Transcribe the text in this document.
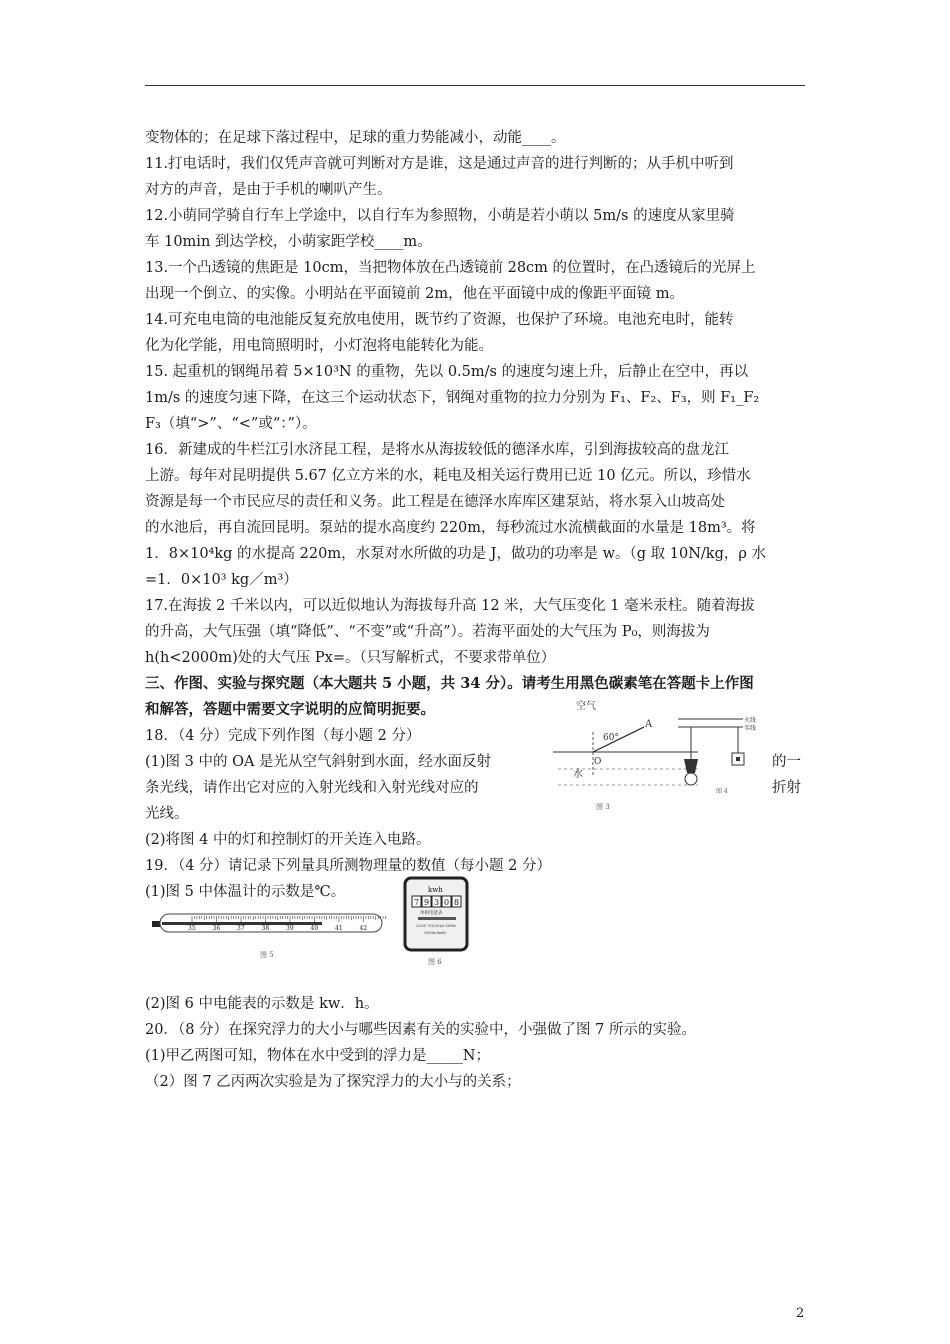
变物体的；在足球下落过程中，足球的重力势能减小，动能____。
11.打电话时，我们仅凭声音就可判断对方是谁，这是通过声音的进行判断的；从手机中听到
对方的声音，是由于手机的喇叭产生。
12.小萌同学骑自行车上学途中，以自行车为参照物，小萌是若小萌以 5m/s 的速度从家里骑
车 10min 到达学校，小萌家距学校____m。
13.一个凸透镜的焦距是 10cm，当把物体放在凸透镜前 28cm 的位置时，在凸透镜后的光屏上
出现一个倒立、的实像。小明站在平面镜前 2m，他在平面镜中成的像距平面镜 m。
14.可充电电筒的电池能反复充放电使用，既节约了资源，也保护了环境。电池充电时，能转
化为化学能，用电筒照明时，小灯泡将电能转化为能。
15. 起重机的钢绳吊着 5×10³N 的重物，先以 0.5m/s 的速度匀速上升，后静止在空中，再以
1m/s 的速度匀速下降，在这三个运动状态下，钢绳对重物的拉力分别为 F₁、F₂、F₃，则 F₁_F₂
F₃（填“>”、“<”或“：”）。
16．新建成的牛栏江引水济昆工程，是将水从海拔较低的德泽水库，引到海拔较高的盘龙江
上游。每年对昆明提供 5.67 亿立方米的水，耗电及相关运行费用已近 10 亿元。所以，珍惜水
资源是每一个市民应尽的责任和义务。此工程是在德泽水库库区建泵站，将水泵入山坡高处
的水池后，再自流回昆明。泵站的提水高度约 220m，每秒流过水流横截面的水量是 18m³。将
1．8×10⁴kg 的水提高 220m，水泵对水所做的功是 J，做功的功率是 w。（g 取 10N/kg，ρ 水
=1．0×10³ kg／m³）
17.在海拔 2 千米以内，可以近似地认为海拔每升高 12 米，大气压变化 1 毫米汞柱。随着海拔
的升高，大气压强（填“降低”、“不变”或“升高”）。若海平面处的大气压为 P₀，则海拔为
h(h<2000m)处的大气压 Px=。（只写解析式，不要求带单位）
三、作图、实验与探究题（本大题共 5 小题，共 34 分）。请考生用黑色碳素笔在答题卡上作图
和解答，答题中需要文字说明的应简明扼要。
18．（4 分）完成下列作图（每小题 2 分）
(1)图 3 中的 OA 是光从空气斜射到水面，经水面反射
条光线，请作出它对应的入射光线和入射光线对应的
光线。
(2)将图 4 中的灯和控制灯的开关连入电路。
19．（4 分）请记录下列量具所测物理量的数值（每小题 2 分）
(1)图 5 中体温计的示数是℃。
(2)图 6 中电能表的示数是 kw．h。
20．（8 分）在探究浮力的大小与哪些因素有关的实验中，小强做了图 7 所示的实验。
(1)甲乙两图可知，物体在水中受到的浮力是_____N；
（2）图 7 乙丙两次实验是为了探究浮力的大小与的关系；
的一
折射
空气
A
60°
O
水
图 3
火线
零线
图 4
35	36	37	38	39	40	41	42
图 5
kwh
7 9 3 0 8
单相电能表
220V 10(20)A 50Hz
3000r/kwh
图 6
2
